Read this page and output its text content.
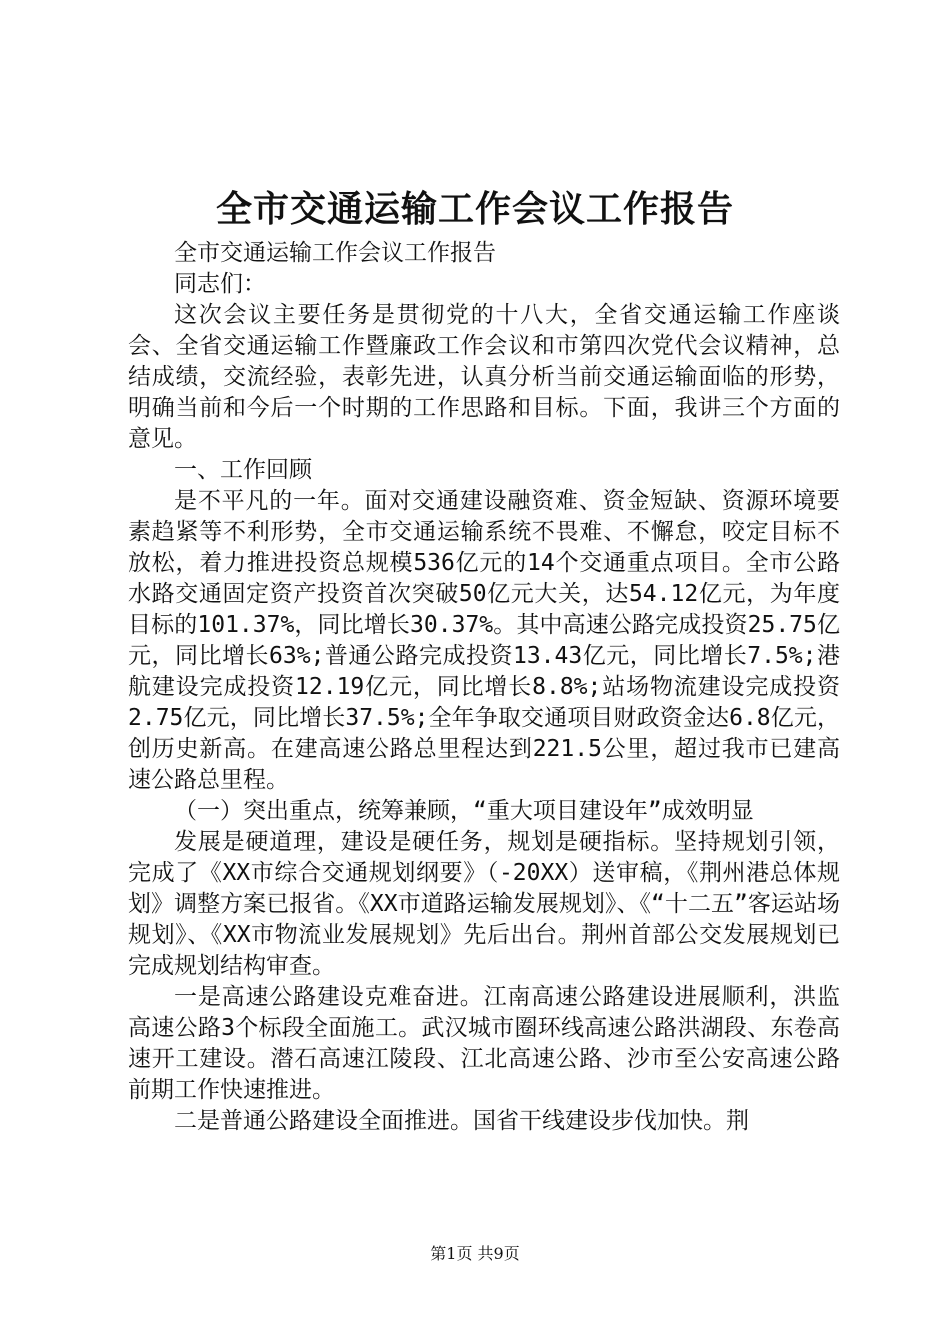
全市交通运输工作会议工作报告

全市交通运输工作会议工作报告

同志们：

这次会议主要任务是贯彻党的十八大，全省交通运输工作座谈会、全省交通运输工作暨廉政工作会议和市第四次党代会议精神，总结成绩，交流经验，表彰先进，认真分析当前交通运输面临的形势，明确当前和今后一个时期的工作思路和目标。下面，我讲三个方面的意见。

一、工作回顾

是不平凡的一年。面对交通建设融资难、资金短缺、资源环境要素趋紧等不利形势，全市交通运输系统不畏难、不懈怠，咬定目标不放松，着力推进投资总规模536亿元的14个交通重点项目。全市公路水路交通固定资产投资首次突破50亿元大关，达54.12亿元，为年度目标的101.37%，同比增长30.37%。其中高速公路完成投资25.75亿元，同比增长63%;普通公路完成投资13.43亿元，同比增长7.5%;港航建设完成投资12.19亿元，同比增长8.8%;站场物流建设完成投资2.75亿元，同比增长37.5%;全年争取交通项目财政资金达6.8亿元，创历史新高。在建高速公路总里程达到221.5公里，超过我市已建高速公路总里程。

（一）突出重点，统筹兼顾，“重大项目建设年”成效明显

发展是硬道理，建设是硬任务，规划是硬指标。坚持规划引领，完成了《XX市综合交通规划纲要》（-20XX）送审稿，《荆州港总体规划》调整方案已报省。《XX市道路运输发展规划》、《“十二五”客运站场规划》、《XX市物流业发展规划》先后出台。荆州首部公交发展规划已完成规划结构审查。

一是高速公路建设克难奋进。江南高速公路建设进展顺利，洪监高速公路3个标段全面施工。武汉城市圈环线高速公路洪湖段、东卷高速开工建设。潜石高速江陵段、江北高速公路、沙市至公安高速公路前期工作快速推进。

二是普通公路建设全面推进。国省干线建设步伐加快。荆

第1页 共9页
